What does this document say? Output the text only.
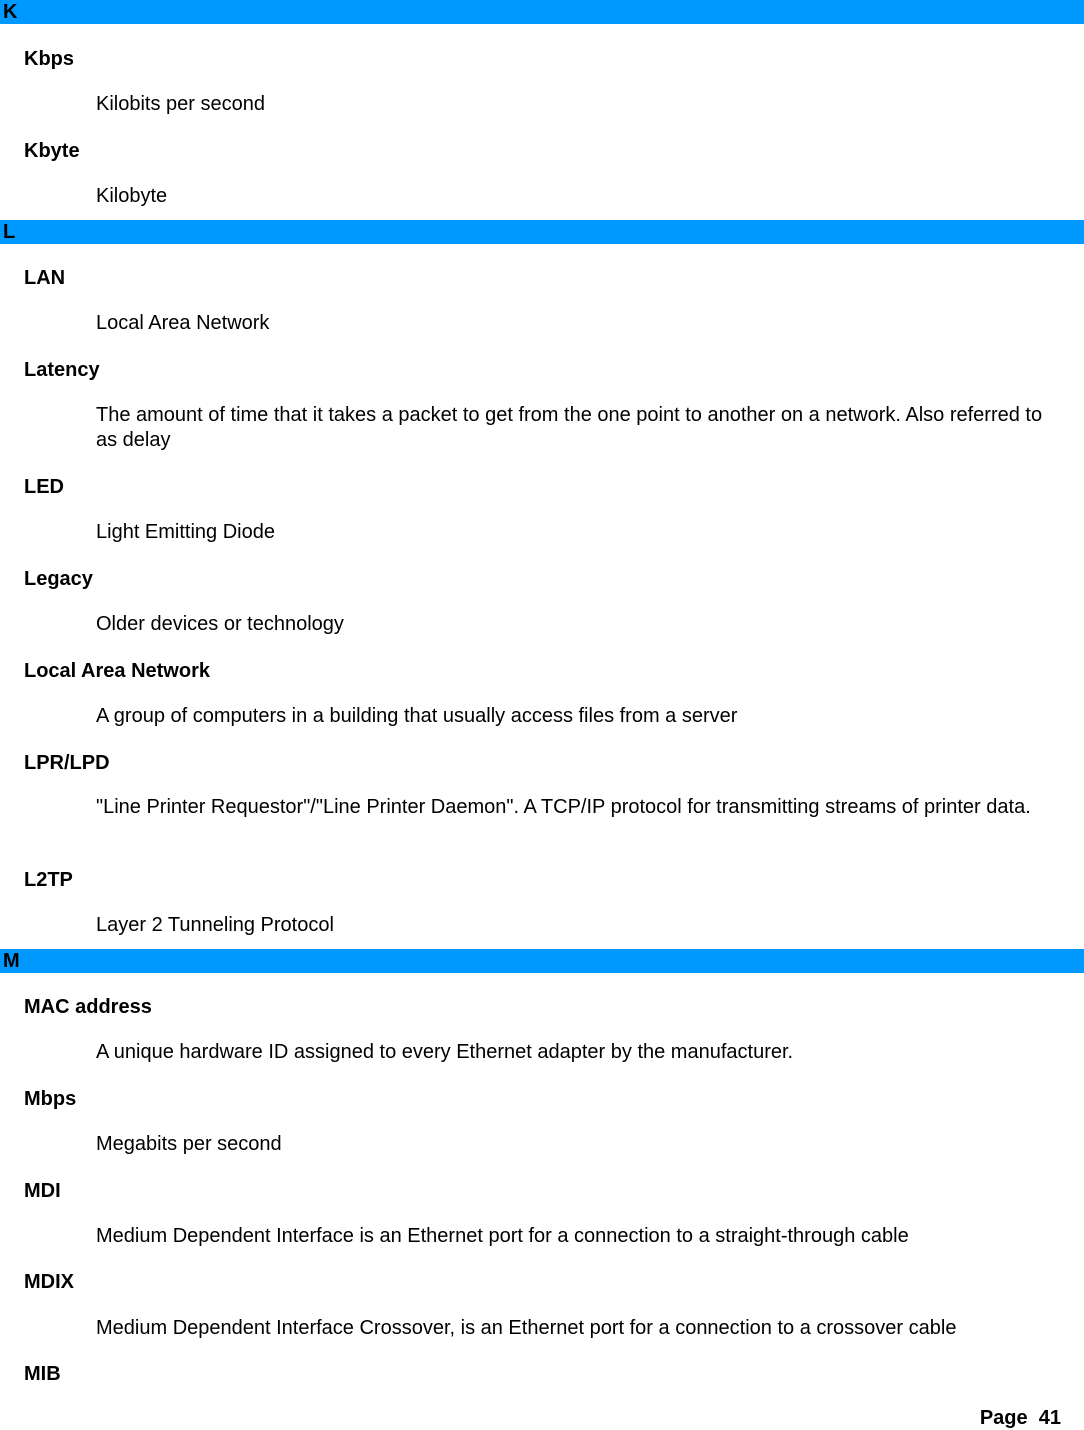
K
Kbps
Kilobits per second
Kbyte
Kilobyte
L
LAN
Local Area Network
Latency
The amount of time that it takes a packet to get from the one point to another on a network. Also referred to as delay
LED
Light Emitting Diode
Legacy
Older devices or technology
Local Area Network
A group of computers in a building that usually access files from a server
LPR/LPD
"Line Printer Requestor"/"Line Printer Daemon". A TCP/IP protocol for transmitting streams of printer data.
L2TP
Layer 2 Tunneling Protocol
M
MAC address
A unique hardware ID assigned to every Ethernet adapter by the manufacturer.
Mbps
Megabits per second
MDI
Medium Dependent Interface is an Ethernet port for a connection to a straight-through cable
MDIX
Medium Dependent Interface Crossover, is an Ethernet port for a connection to a crossover cable
MIB
Page  41
